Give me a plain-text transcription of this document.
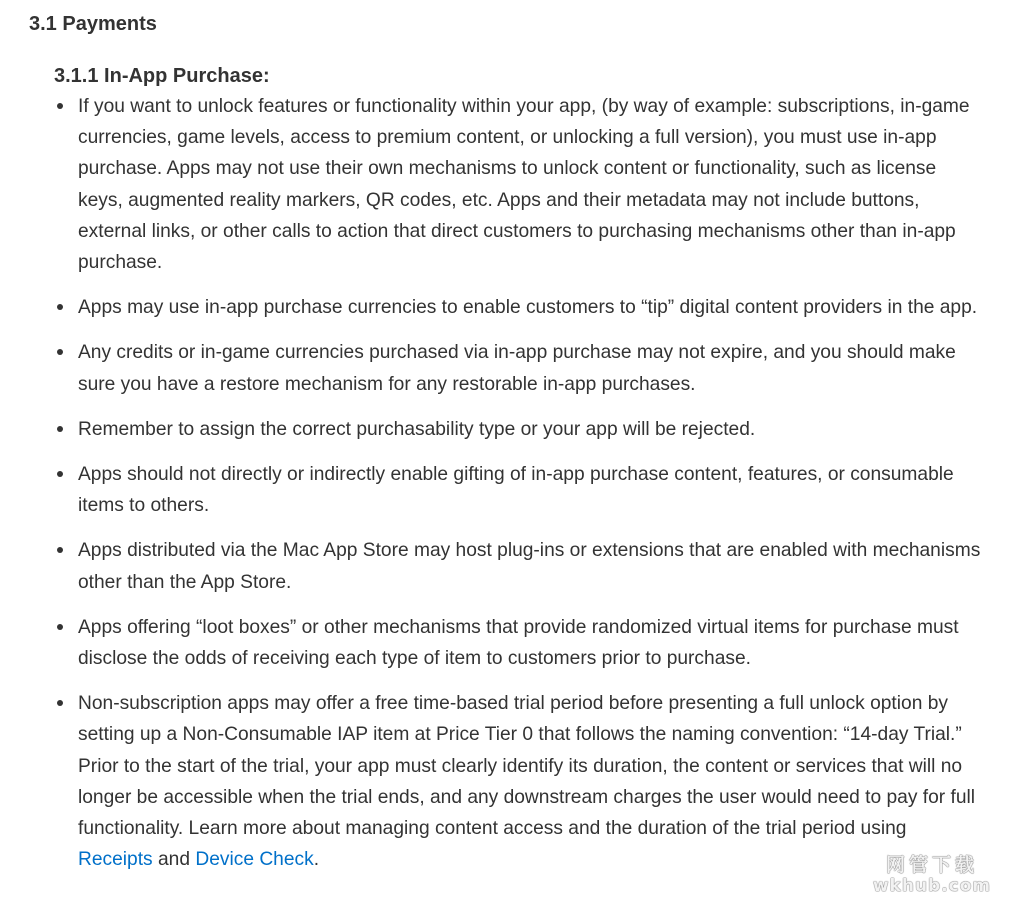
3.1 Payments
3.1.1 In-App Purchase:
If you want to unlock features or functionality within your app, (by way of example: subscriptions, in-game currencies, game levels, access to premium content, or unlocking a full version), you must use in-app purchase. Apps may not use their own mechanisms to unlock content or functionality, such as license keys, augmented reality markers, QR codes, etc. Apps and their metadata may not include buttons, external links, or other calls to action that direct customers to purchasing mechanisms other than in-app purchase.
Apps may use in-app purchase currencies to enable customers to “tip” digital content providers in the app.
Any credits or in-game currencies purchased via in-app purchase may not expire, and you should make sure you have a restore mechanism for any restorable in-app purchases.
Remember to assign the correct purchasability type or your app will be rejected.
Apps should not directly or indirectly enable gifting of in-app purchase content, features, or consumable items to others.
Apps distributed via the Mac App Store may host plug-ins or extensions that are enabled with mechanisms other than the App Store.
Apps offering “loot boxes” or other mechanisms that provide randomized virtual items for purchase must disclose the odds of receiving each type of item to customers prior to purchase.
Non-subscription apps may offer a free time-based trial period before presenting a full unlock option by setting up a Non-Consumable IAP item at Price Tier 0 that follows the naming convention: “14-day Trial.” Prior to the start of the trial, your app must clearly identify its duration, the content or services that will no longer be accessible when the trial ends, and any downstream charges the user would need to pay for full functionality. Learn more about managing content access and the duration of the trial period using Receipts and Device Check.	网管下载
wkhub.com
